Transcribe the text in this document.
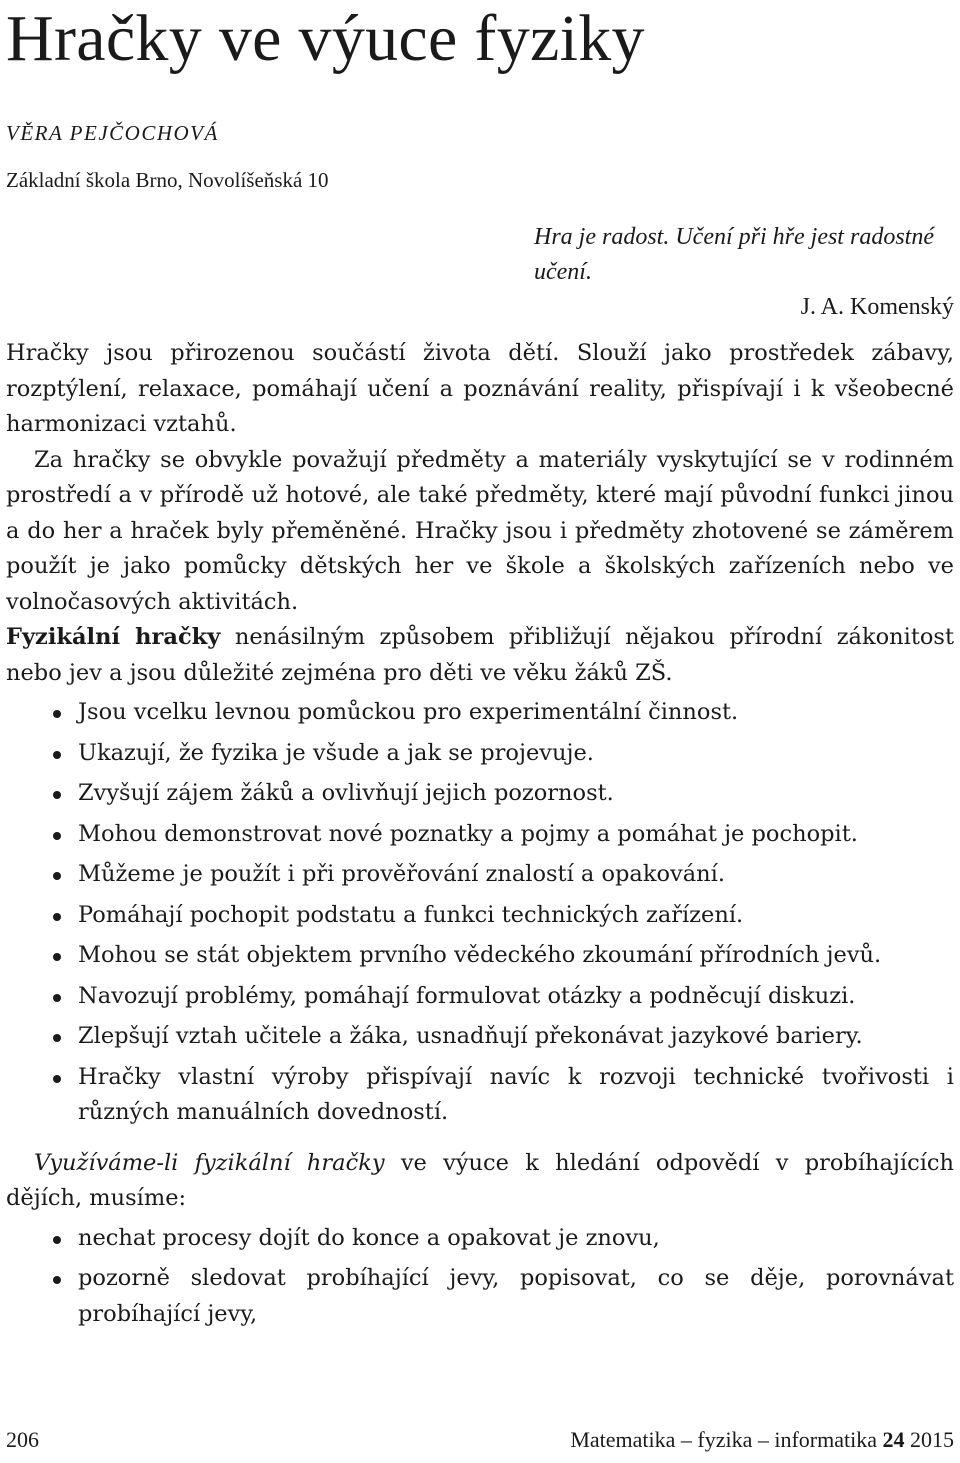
Hračky ve výuce fyziky
VĚRA PEJČOCHOVÁ
Základní škola Brno, Novolíšeňská 10
Hra je radost. Učení při hře jest radostné učení.
J. A. Komenský

Hračky jsou přirozenou součástí života dětí. Slouží jako prostředek zábavy, rozptýlení, relaxace, pomáhají učení a poznávání reality, přispívají i k všeobecné harmonizaci vztahů.

Za hračky se obvykle považují předměty a materiály vyskytující se v rodinném prostředí a v přírodě už hotové, ale také předměty, které mají původní funkci jinou a do her a hraček byly přeměněné. Hračky jsou i předměty zhotovené se záměrem použít je jako pomůcky dětských her ve škole a školských zařízeních nebo ve volnočasových aktivitách.

Fyzikální hračky nenásilným způsobem přibližují nějakou přírodní zákonitost nebo jev a jsou důležité zejména pro děti ve věku žáků ZŠ.

Jsou vcelku levnou pomůckou pro experimentální činnost.
Ukazují, že fyzika je všude a jak se projevuje.
Zvyšují zájem žáků a ovlivňují jejich pozornost.
Mohou demonstrovat nové poznatky a pojmy a pomáhat je pochopit.
Můžeme je použít i při prověřování znalostí a opakování.
Pomáhají pochopit podstatu a funkci technických zařízení.
Mohou se stát objektem prvního vědeckého zkoumání přírodních jevů.
Navozují problémy, pomáhají formulovat otázky a podněcují diskuzi.
Zlepšují vztah učitele a žáka, usnadňují překonávat jazykové bariery.
Hračky vlastní výroby přispívají navíc k rozvoji technické tvořivosti i různých manuálních dovedností.

Využíváme-li fyzikální hračky ve výuce k hledání odpovědí v probíhajících dějích, musíme:

nechat procesy dojít do konce a opakovat je znovu,
pozorně sledovat probíhající jevy, popisovat, co se děje, porovnávat probíhající jevy,
206	Matematika – fyzika – informatika 24 2015
